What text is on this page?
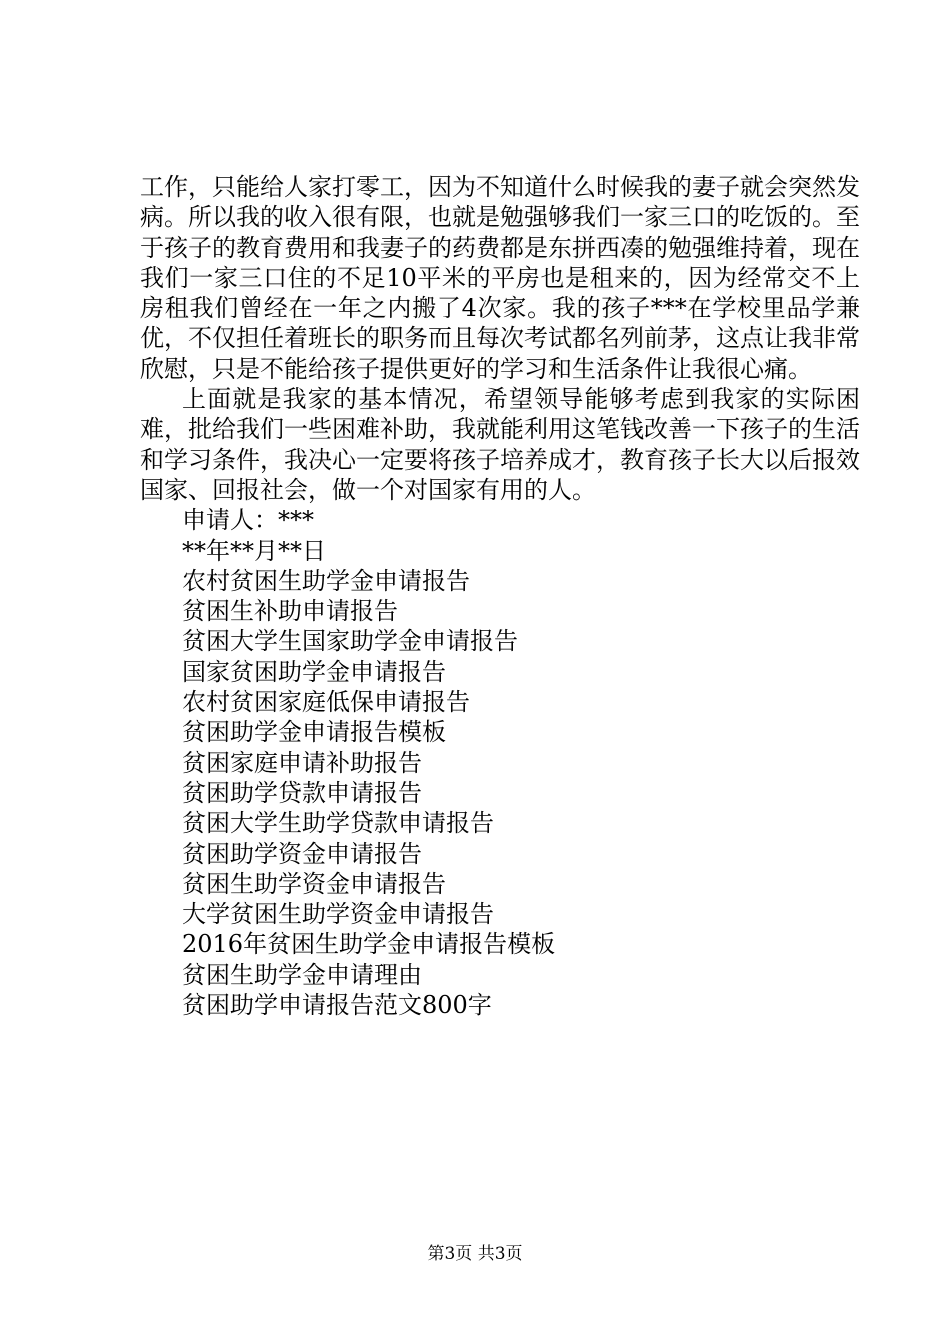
工作，只能给人家打零工，因为不知道什么时候我的妻子就会突然发病。所以我的收入很有限，也就是勉强够我们一家三口的吃饭的。至于孩子的教育费用和我妻子的药费都是东拼西凑的勉强维持着，现在我们一家三口住的不足10平米的平房也是租来的，因为经常交不上房租我们曾经在一年之内搬了4次家。我的孩子***在学校里品学兼优，不仅担任着班长的职务而且每次考试都名列前茅，这点让我非常欣慰，只是不能给孩子提供更好的学习和生活条件让我很心痛。

上面就是我家的基本情况，希望领导能够考虑到我家的实际困难，批给我们一些困难补助，我就能利用这笔钱改善一下孩子的生活和学习条件，我决心一定要将孩子培养成才，教育孩子长大以后报效国家、回报社会，做一个对国家有用的人。

申请人：***

**年**月**日

农村贫困生助学金申请报告

贫困生补助申请报告

贫困大学生国家助学金申请报告

国家贫困助学金申请报告

农村贫困家庭低保申请报告

贫困助学金申请报告模板

贫困家庭申请补助报告

贫困助学贷款申请报告

贫困大学生助学贷款申请报告

贫困助学资金申请报告

贫困生助学资金申请报告

大学贫困生助学资金申请报告

2016年贫困生助学金申请报告模板

贫困生助学金申请理由

贫困助学申请报告范文800字

第3页 共3页
